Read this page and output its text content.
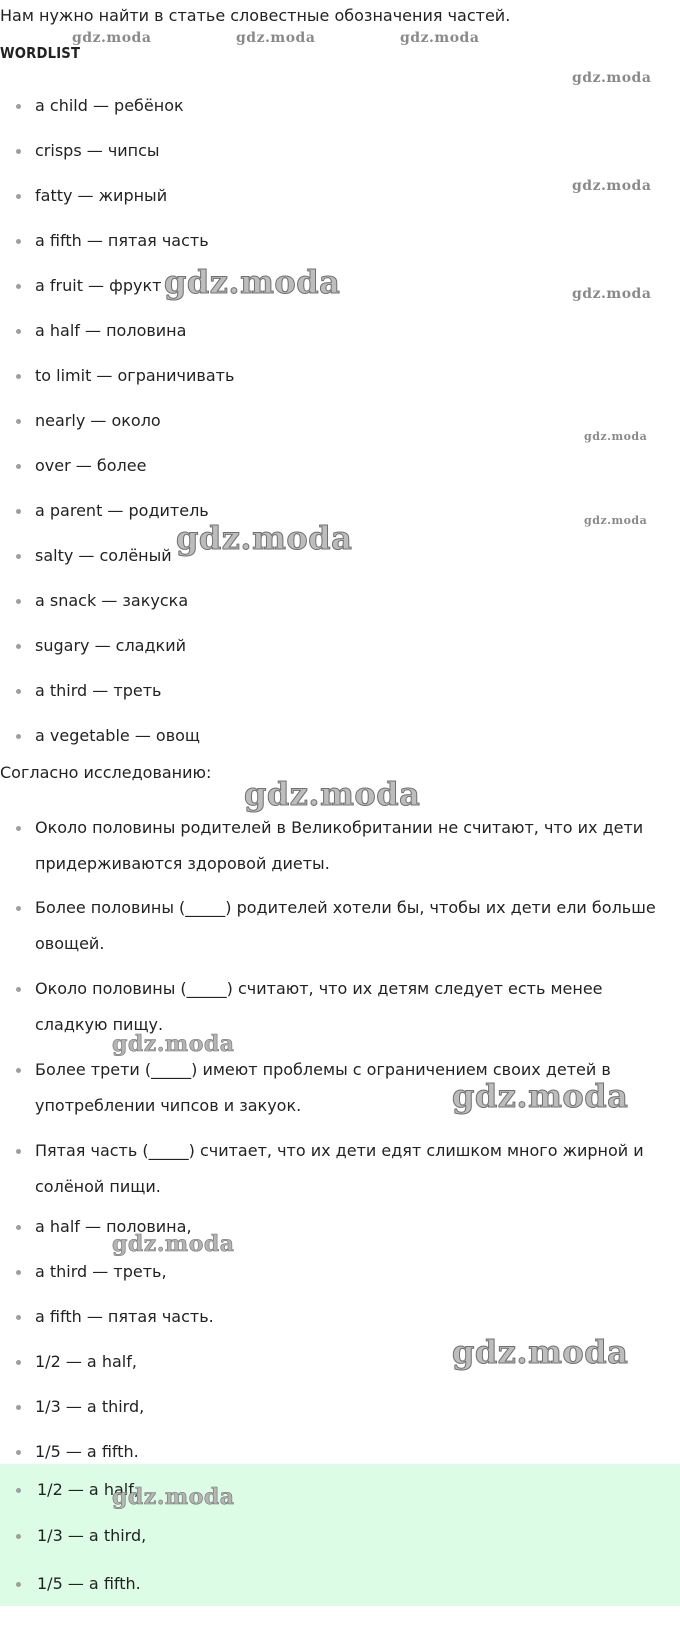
Нам нужно найти в статье словестные обозначения частей.

WORDLIST
a child — ребёнок
crisps — чипсы
fatty — жирный
a fifth — пятая часть
a fruit — фрукт
a half — половина
to limit — ограничивать
nearly — около
over — более
a parent — родитель
salty — солёный
a snack — закуска
sugary — сладкий
a third — треть
a vegetable — овощ

Согласно исследованию:

Около половины родителей в Великобритании не считают, что их дети придерживаются здоровой диеты.
Более половины (_____) родителей хотели бы, чтобы их дети ели больше овощей.
Около половины (_____) считают, что их детям следует есть менее сладкую пищу.
Более трети (_____) имеют проблемы с ограничением своих детей в употреблении чипсов и закуок.
Пятая часть (_____) считает, что их дети едят слишком много жирной и солёной пищи.
a half — половина,
a third — треть,
a fifth — пятая часть.
1/2 — a half,
1/3 — a third,
1/5 — a fifth.
1/2 — a half,
1/3 — a third,
1/5 — a fifth.
gdz.moda	gdz.moda	gdz.moda
gdz.moda
gdz.moda
gdz.moda
gdz.moda
gdz.moda
gdz.moda
gdz.moda
gdz.moda
gdz.moda
gdz.moda
gdz.moda
gdz.moda
gdz.moda
